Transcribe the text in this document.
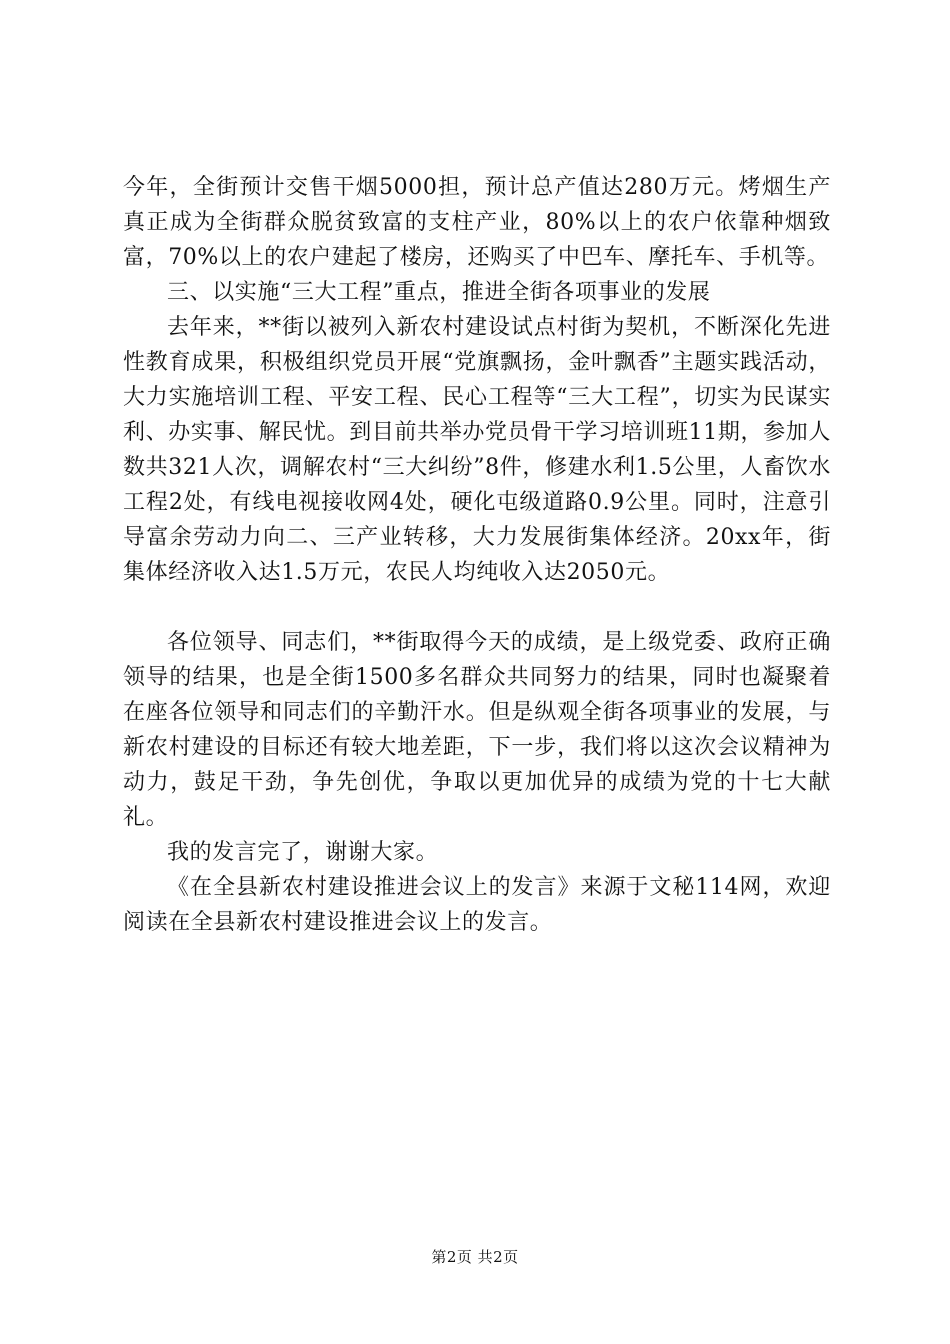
今年，全街预计交售干烟5000担，预计总产值达280万元。烤烟生产真正成为全街群众脱贫致富的支柱产业，80%以上的农户依靠种烟致富，70%以上的农户建起了楼房，还购买了中巴车、摩托车、手机等。

三、以实施“三大工程”重点，推进全街各项事业的发展

去年来，**街以被列入新农村建设试点村街为契机，不断深化先进性教育成果，积极组织党员开展“党旗飘扬，金叶飘香”主题实践活动，大力实施培训工程、平安工程、民心工程等“三大工程”，切实为民谋实利、办实事、解民忧。到目前共举办党员骨干学习培训班11期，参加人数共321人次，调解农村“三大纠纷”8件，修建水利1.5公里，人畜饮水工程2处，有线电视接收网4处，硬化屯级道路0.9公里。同时，注意引导富余劳动力向二、三产业转移，大力发展街集体经济。20xx年，街集体经济收入达1.5万元，农民人均纯收入达2050元。

各位领导、同志们，**街取得今天的成绩，是上级党委、政府正确领导的结果，也是全街1500多名群众共同努力的结果，同时也凝聚着在座各位领导和同志们的辛勤汗水。但是纵观全街各项事业的发展，与新农村建设的目标还有较大地差距，下一步，我们将以这次会议精神为动力，鼓足干劲，争先创优，争取以更加优异的成绩为党的十七大献礼。

我的发言完了，谢谢大家。

《在全县新农村建设推进会议上的发言》来源于文秘114网，欢迎阅读在全县新农村建设推进会议上的发言。

第2页 共2页
